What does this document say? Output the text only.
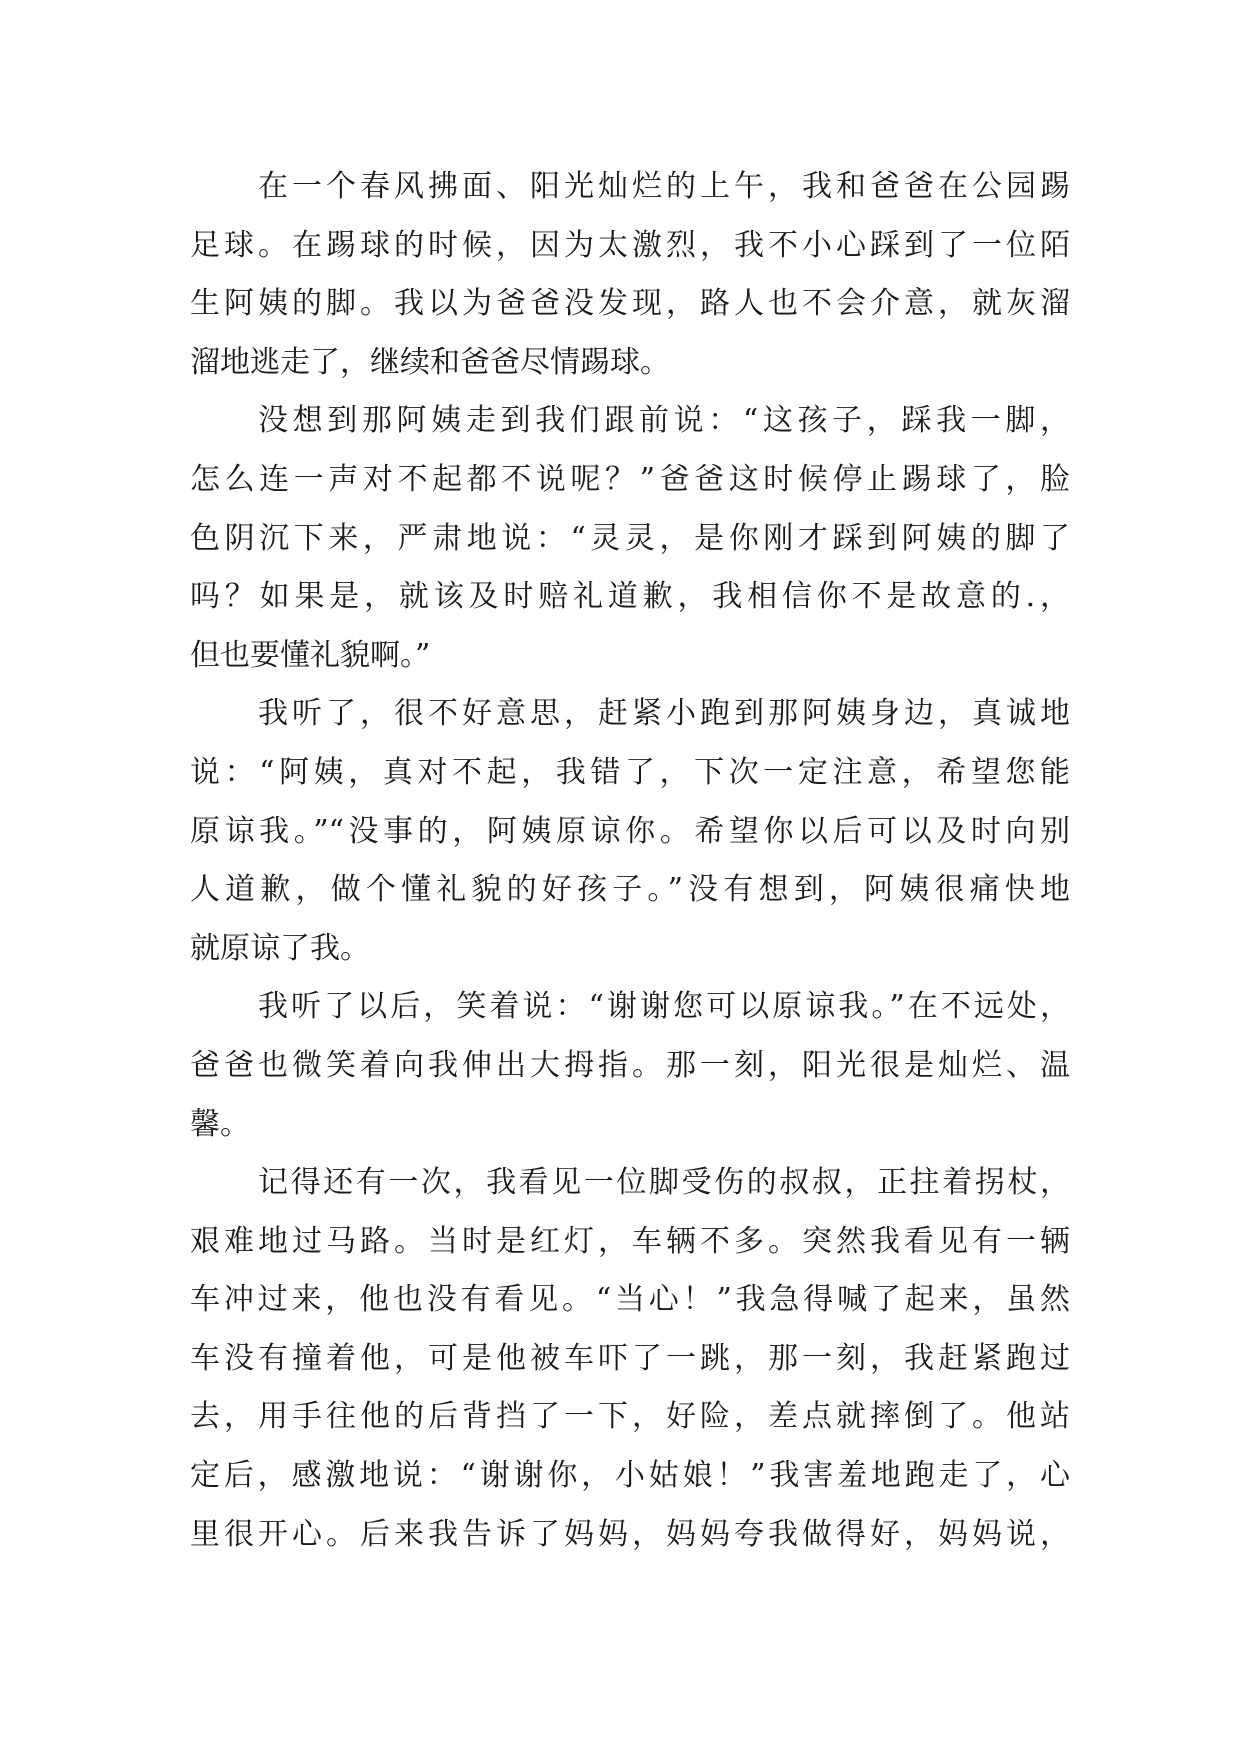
在一个春风拂面、阳光灿烂的上午，我和爸爸在公园踢
足球。在踢球的时候，因为太激烈，我不小心踩到了一位陌
生阿姨的脚。我以为爸爸没发现，路人也不会介意，就灰溜
溜地逃走了，继续和爸爸尽情踢球。
没想到那阿姨走到我们跟前说：“这孩子，踩我一脚，
怎么连一声对不起都不说呢？”爸爸这时候停止踢球了，脸
色阴沉下来，严肃地说：“灵灵，是你刚才踩到阿姨的脚了
吗？如果是，就该及时赔礼道歉，我相信你不是故意的.，
但也要懂礼貌啊。”
我听了，很不好意思，赶紧小跑到那阿姨身边，真诚地
说：“阿姨，真对不起，我错了，下次一定注意，希望您能
原谅我。”“没事的，阿姨原谅你。希望你以后可以及时向别
人道歉，做个懂礼貌的好孩子。”没有想到，阿姨很痛快地
就原谅了我。
我听了以后，笑着说：“谢谢您可以原谅我。”在不远处，
爸爸也微笑着向我伸出大拇指。那一刻，阳光很是灿烂、温
馨。
记得还有一次，我看见一位脚受伤的叔叔，正拄着拐杖，
艰难地过马路。当时是红灯，车辆不多。突然我看见有一辆
车冲过来，他也没有看见。“当心！”我急得喊了起来，虽然
车没有撞着他，可是他被车吓了一跳，那一刻，我赶紧跑过
去，用手往他的后背挡了一下，好险，差点就摔倒了。他站
定后，感激地说：“谢谢你，小姑娘！”我害羞地跑走了，心
里很开心。后来我告诉了妈妈，妈妈夸我做得好，妈妈说，
